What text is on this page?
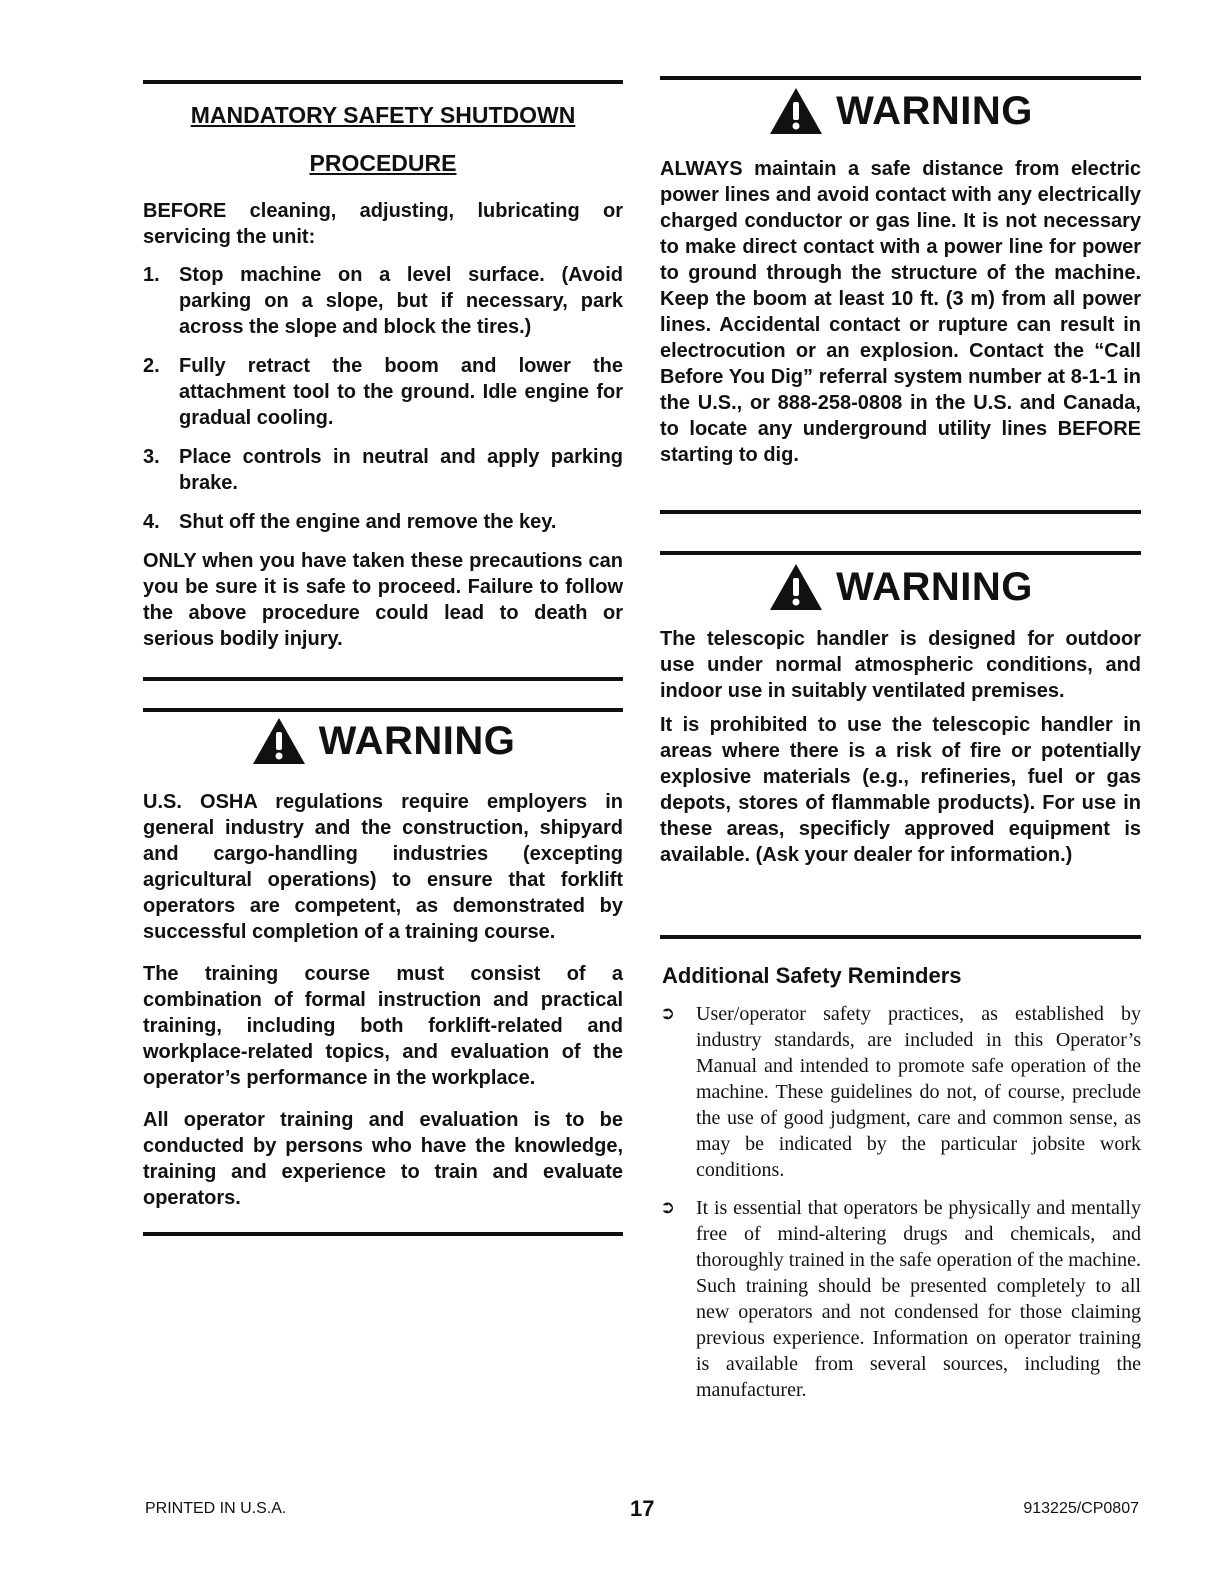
MANDATORY SAFETY SHUTDOWN
PROCEDURE

BEFORE cleaning, adjusting, lubricating or servicing the unit:

1. Stop machine on a level surface. (Avoid parking on a slope, but if necessary, park across the slope and block the tires.)
2. Fully retract the boom and lower the attachment tool to the ground. Idle engine for gradual cooling.
3. Place controls in neutral and apply parking brake.
4. Shut off the engine and remove the key.

ONLY when you have taken these precautions can you be sure it is safe to proceed. Failure to follow the above procedure could lead to death or serious bodily injury.

WARNING

U.S. OSHA regulations require employers in general industry and the construction, shipyard and cargo-handling industries (excepting agricultural operations) to ensure that forklift operators are competent, as demonstrated by successful completion of a training course.

The training course must consist of a combination of formal instruction and practical training, including both forklift-related and workplace-related topics, and evaluation of the operator’s performance in the workplace.

All operator training and evaluation is to be conducted by persons who have the knowledge, training and experience to train and evaluate operators.

WARNING

ALWAYS maintain a safe distance from electric power lines and avoid contact with any electrically charged conductor or gas line. It is not necessary to make direct contact with a power line for power to ground through the structure of the machine. Keep the boom at least 10 ft. (3 m) from all power lines. Accidental contact or rupture can result in electrocution or an explosion. Contact the “Call Before You Dig” referral system number at 8-1-1 in the U.S., or 888-258-0808 in the U.S. and Canada, to locate any underground utility lines BEFORE starting to dig.

WARNING

The telescopic handler is designed for outdoor use under normal atmospheric conditions, and indoor use in suitably ventilated premises.

It is prohibited to use the telescopic handler in areas where there is a risk of fire or potentially explosive materials (e.g., refineries, fuel or gas depots, stores of flammable products). For use in these areas, specificly approved equipment is available. (Ask your dealer for information.)

Additional Safety Reminders
➲	User/operator safety practices, as established by industry standards, are included in this Operator’s Manual and intended to promote safe operation of the machine. These guidelines do not, of course, preclude the use of good judgment, care and common sense, as may be indicated by the particular jobsite work conditions.
➲	It is essential that operators be physically and mentally free of mind-altering drugs and chemicals, and thoroughly trained in the safe operation of the machine. Such training should be presented completely to all new operators and not condensed for those claiming previous experience. Information on operator training is available from several sources, including the manufacturer.
PRINTED IN U.S.A.	17	913225/CP0807
